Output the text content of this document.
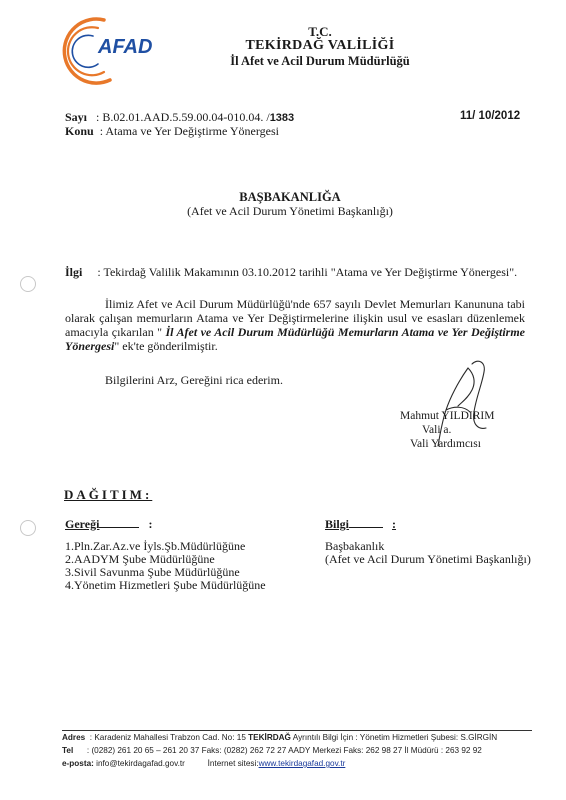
AFAD
T.C.
TEKİRDAĞ VALİLİĞİ
İl Afet ve Acil Durum Müdürlüğü
Sayı : B.02.01.AAD.5.59.00.04-010.04. /1383
Konu : Atama ve Yer Değiştirme Yönergesi
11/ 10/2012
BAŞBAKANLIĞA
(Afet ve Acil Durum Yönetimi Başkanlığı)
İlgi : Tekirdağ Valilik Makamının 03.10.2012 tarihli "Atama ve Yer Değiştirme Yönergesi".
İlimiz Afet ve Acil Durum Müdürlüğü'nde 657 sayılı Devlet Memurları Kanununa tabi olarak çalışan memurların Atama ve Yer Değiştirmelerine ilişkin usul ve esasları düzenlemek amacıyla çıkarılan " İl Afet ve Acil Durum Müdürlüğü Memurların Atama ve Yer Değiştirme Yönergesi" ek'te gönderilmiştir.
Bilgilerini Arz, Gereğini rica ederim.
Mahmut YILDIRIM
Vali a.
Vali Yardımcısı
DAĞITIM:
Gereği	:
1.Pln.Zar.Az.ve İyls.Şb.Müdürlüğüne
2.AADYM Şube Müdürlüğüne
3.Sivil Savunma Şube Müdürlüğüne
4.Yönetim Hizmetleri Şube Müdürlüğüne
Bilgi	:
Başbakanlık
(Afet ve Acil Durum Yönetimi Başkanlığı)
Adres : Karadeniz Mahallesi Trabzon Cad. No: 15 TEKİRDAĞ Ayrıntılı Bilgi İçin : Yönetim Hizmetleri Şubesi: S.GİRGİN
Tel : (0282) 261 20 65 – 261 20 37 Faks: (0282) 262 72 27 AADY Merkezi Faks: 262 98 27 İl Müdürü : 263 92 92
e-posta: info@tekirdagafad.gov.tr	İnternet sitesi:www.tekirdagafad.gov.tr
